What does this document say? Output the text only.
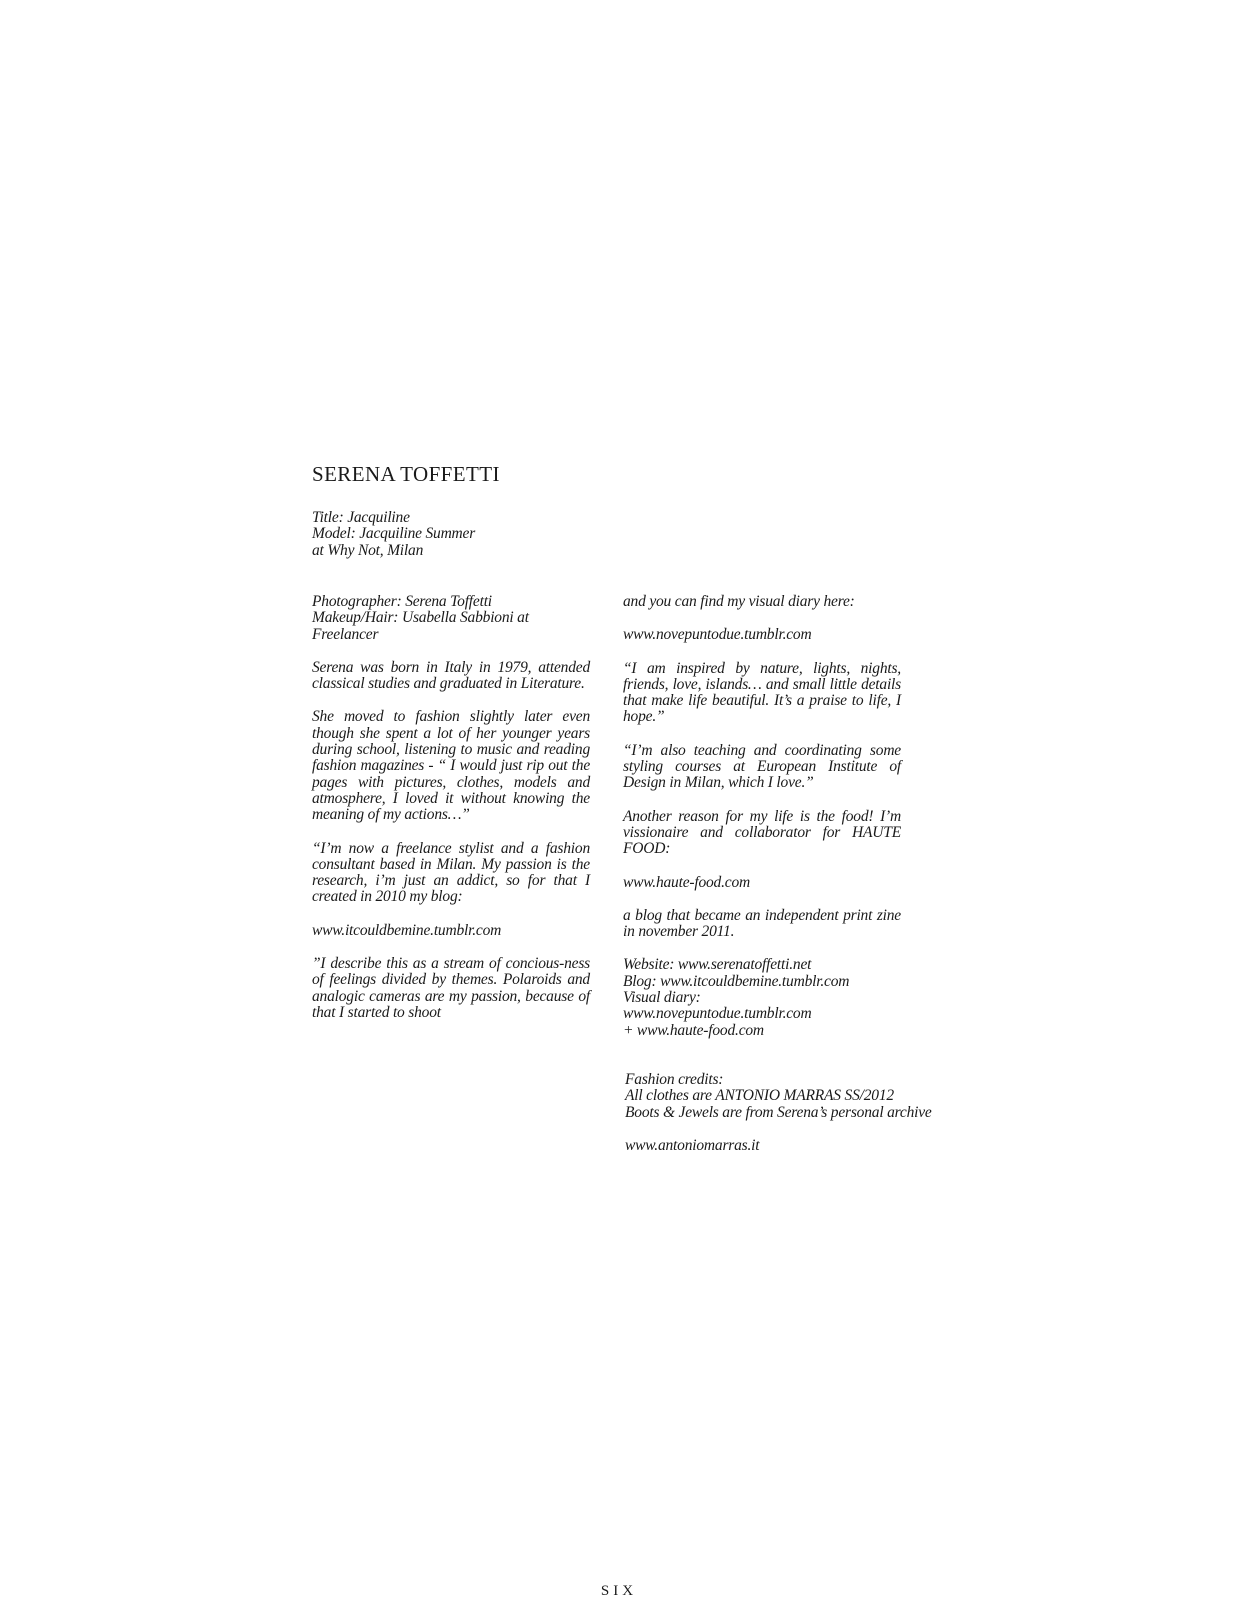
SERENA TOFFETTI

Title: Jacquiline
Model: Jacquiline Summer
at Why Not, Milan

Photographer: Serena Toffetti
Makeup/Hair: Usabella Sabbioni at
Freelancer

Serena was born in Italy in 1979, attended classical studies and graduated in Literature.

She moved to fashion slightly later even though she spent a lot of her younger years during school, listening to music and reading fashion magazines - “ I would just rip out the pages with pictures, clothes, models and atmosphere, I loved it without knowing the meaning of my actions…”

“I’m now a freelance stylist and a fashion consultant based in Milan. My passion is the research, i’m just an addict, so for that I created in 2010 my blog:

www.itcouldbemine.tumblr.com

”I describe this as a stream of concious-ness of feelings divided by themes. Polaroids and analogic cameras are my passion, because of that I started to shoot

and you can find my visual diary here:

www.novepuntodue.tumblr.com

“I am inspired by nature, lights, nights, friends, love, islands… and small little details that make life beautiful. It’s a praise to life, I hope.”

“I’m also teaching and coordinating some styling courses at European Institute of Design in Milan, which I love.”

Another reason for my life is the food! I’m vissionaire and collaborator for HAUTE FOOD:

www.haute-food.com

a blog that became an independent print zine in november 2011.

Website: www.serenatoffetti.net
Blog: www.itcouldbemine.tumblr.com
Visual diary:
www.novepuntodue.tumblr.com
+ www.haute-food.com

Fashion credits:
All clothes are ANTONIO MARRAS SS/2012
Boots & Jewels are from Serena’s personal archive

www.antoniomarras.it

SIX
